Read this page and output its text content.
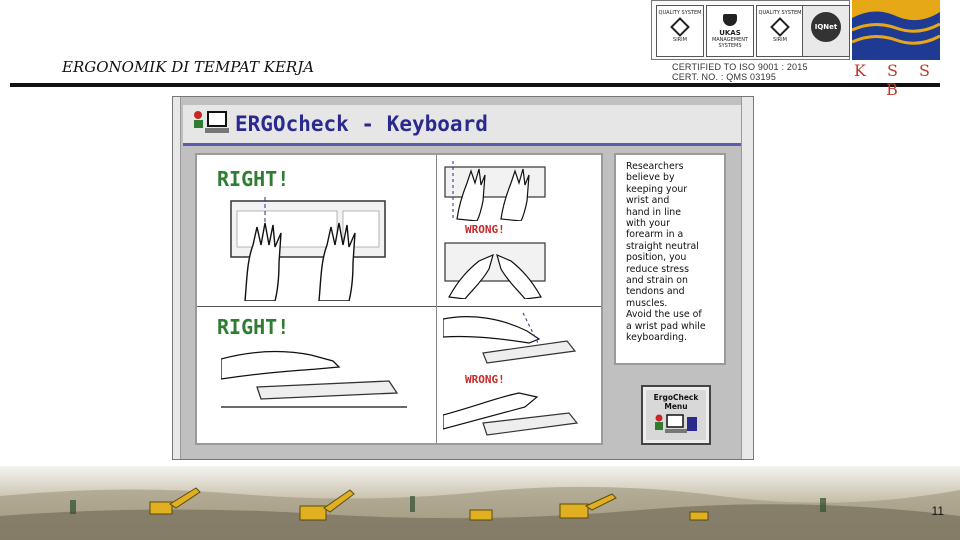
ERGONOMIK DI TEMPAT KERJA
QUALITY SYSTEM
SIRIM
UKAS
MANAGEMENT SYSTEMS
QUALITY SYSTEM
SIRIM
IQNet
CERTIFIED TO ISO 9001 : 2015
CERT. NO. : QMS 03195	K S S B
ERGOcheck - Keyboard
RIGHT!
RIGHT!
WRONG!
WRONG!

Researchers
believe by
keeping your
wrist and
hand in line
with your
forearm in a
straight neutral
position, you
reduce stress
and strain on
tendons and
muscles.
Avoid the use of
a wrist pad while
keyboarding.

ErgoCheck
Menu
11
